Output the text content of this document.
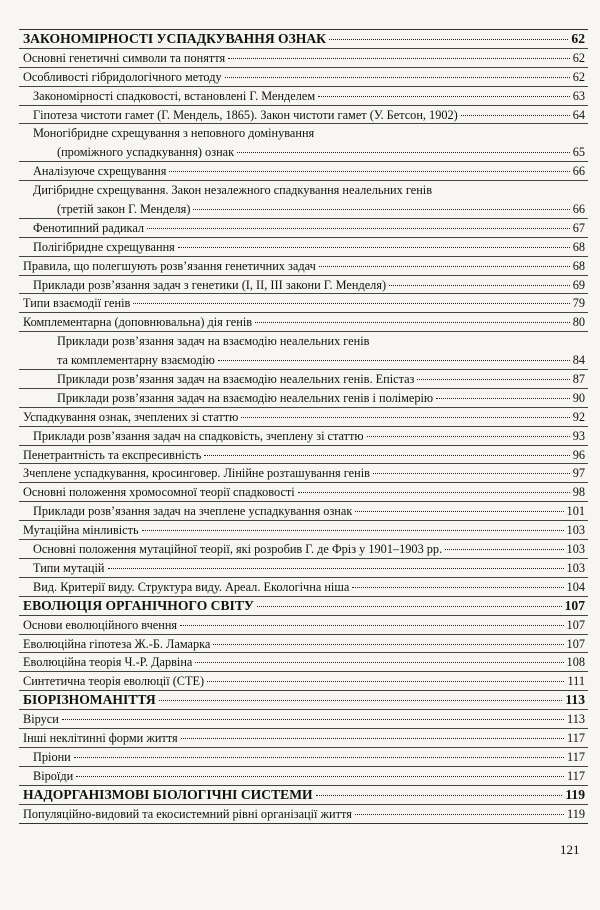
ЗАКОНОМІРНОСТІ УСПАДКУВАННЯ ОЗНАК	62
Основні генетичні символи та поняття	62
Особливості гібридологічного методу	62
Закономірності спадковості, встановлені Г. Менделем	63
Гіпотеза чистоти гамет (Г. Мендель, 1865). Закон чистоти гамет (У. Бетсон, 1902)	64
Моногібридне схрещування з неповного домінування
(проміжного успадкування) ознак	65
Аналізуюче схрещування	66
Дигібридне схрещування. Закон незалежного спадкування неалельних генів
(третій закон Г. Менделя)	66
Фенотипний радикал	67
Полігібридне схрещування	68
Правила, що полегшують розв’язання генетичних задач	68
Приклади розв’язання задач з генетики (І, ІІ, ІІІ закони Г. Менделя)	69
Типи взаємодії генів	79
Комплементарна (доповнювальна) дія генів	80
Приклади розв’язання задач на взаємодію неалельних генів
та комплементарну взаємодію	84
Приклади розв’язання задач на взаємодію неалельних генів. Епістаз	87
Приклади розв’язання задач на взаємодію неалельних генів і полімерію	90
Успадкування ознак, зчеплених зі статтю	92
Приклади розв’язання задач на спадковість, зчеплену зі статтю	93
Пенетрантність та експресивність	96
Зчеплене успадкування, кросинговер. Лінійне розташування генів	97
Основні положення хромосомної теорії спадковості	98
Приклади розв’язання задач на зчеплене успадкування ознак	101
Мутаційна мінливість	103
Основні положення мутаційної теорії, які розробив Г. де Фріз у 1901–1903 рр.	103
Типи мутацій	103
Вид. Критерії виду. Структура виду. Ареал. Екологічна ніша	104
ЕВОЛЮЦІЯ ОРГАНІЧНОГО СВІТУ	107
Основи еволюційного вчення	107
Еволюційна гіпотеза Ж.-Б. Ламарка	107
Еволюційна теорія Ч.-Р. Дарвіна	108
Синтетична теорія еволюції (СТЕ)	111
БІОРІЗНОМАНІТТЯ	113
Віруси	113
Інші неклітинні форми життя	117
Пріони	117
Віроїди	117
НАДОРГАНІЗМОВІ БІОЛОГІЧНІ СИСТЕМИ	119
Популяційно-видовий та екосистемний рівні організації життя	119
121
